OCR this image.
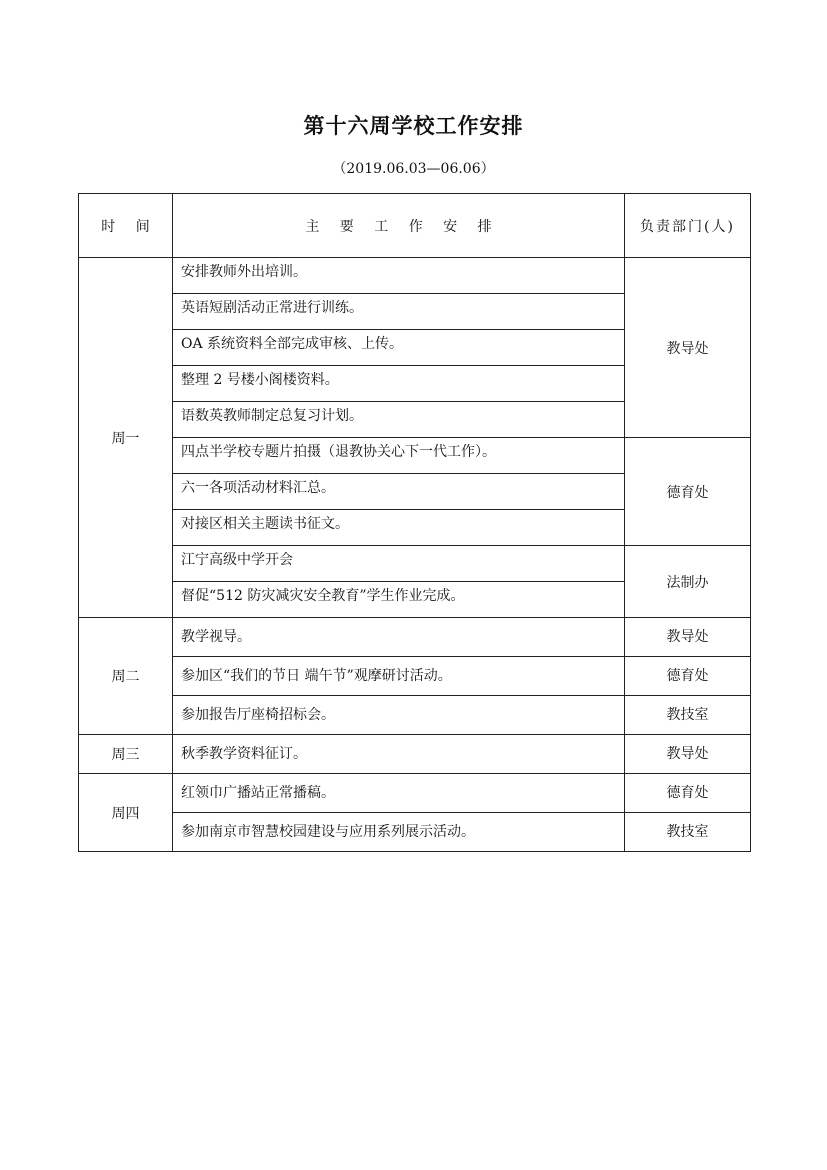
第十六周学校工作安排
（2019.06.03—06.06）
时 间	主 要 工 作 安 排	负责部门(人)
周一	安排教师外出培训。	教导处
	英语短剧活动正常进行训练。	
	OA 系统资料全部完成审核、上传。	
	整理 2 号楼小阁楼资料。	
	语数英教师制定总复习计划。	
	四点半学校专题片拍摄（退教协关心下一代工作）。	德育处
	六一各项活动材料汇总。	
	对接区相关主题读书征文。	
	江宁高级中学开会	法制办
	督促“512 防灾减灾安全教育”学生作业完成。	
周二	教学视导。	教导处
	参加区“我们的节日 端午节”观摩研讨活动。	德育处
	参加报告厅座椅招标会。	教技室
周三	秋季教学资料征订。	教导处
周四	红领巾广播站正常播稿。	德育处
	参加南京市智慧校园建设与应用系列展示活动。	教技室
